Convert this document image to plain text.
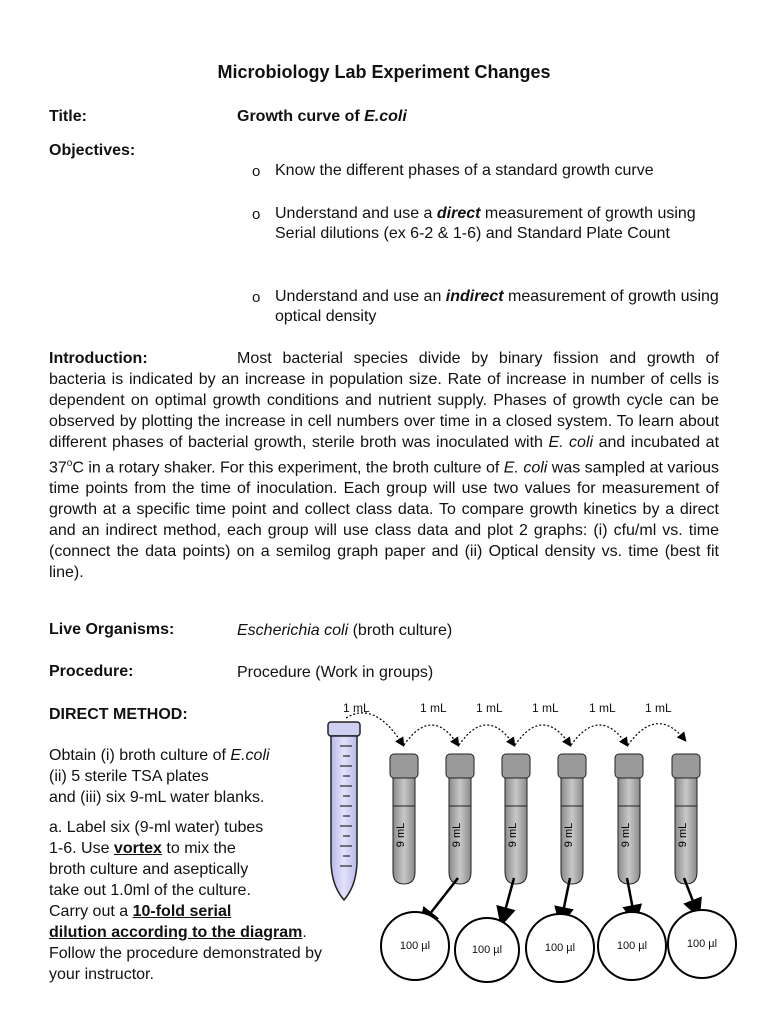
Microbiology Lab Experiment Changes
Title:	Growth curve of E.coli
Objectives:
o Know the different phases of a standard growth curve
o Understand and use a direct measurement of growth using Serial dilutions (ex 6-2 & 1-6) and Standard Plate Count
o Understand and use an indirect measurement of growth using optical density
Introduction:	Most bacterial species divide by binary fission and growth of bacteria is indicated by an increase in population size. Rate of increase in number of cells is dependent on optimal growth conditions and nutrient supply. Phases of growth cycle can be observed by plotting the increase in cell numbers over time in a closed system. To learn about different phases of bacterial growth, sterile broth was inoculated with E. coli and incubated at 37$^o$C in a rotary shaker. For this experiment, the broth culture of E. coli was sampled at various time points from the time of inoculation. Each group will use two values for measurement of growth at a specific time point and collect class data. To compare growth kinetics by a direct and an indirect method, each group will use class data and plot 2 graphs: (i) cfu/ml vs. time (connect the data points) on a semilog graph paper and (ii) Optical density vs. time (best fit line).
Live Organisms:	Escherichia coli (broth culture)
Procedure:	Procedure (Work in groups)
DIRECT METHOD:
Obtain (i) broth culture of E.coli
(ii) 5 sterile TSA plates
and (iii) six 9-mL water blanks.
a. Label six (9-ml water) tubes
1-6. Use vortex to mix the
broth culture and aseptically
take out 1.0ml of the culture.
Carry out a 10-fold serial
dilution according to the diagram.
Follow the procedure demonstrated by
your instructor.
1 mL	1 mL 1 mL 1 mL	1 mL 1 mL
9 mL	9 mL	9 mL	9 mL	9 mL	9 mL
100 µl	100 µl	100 µl	100 µl	100 µl
